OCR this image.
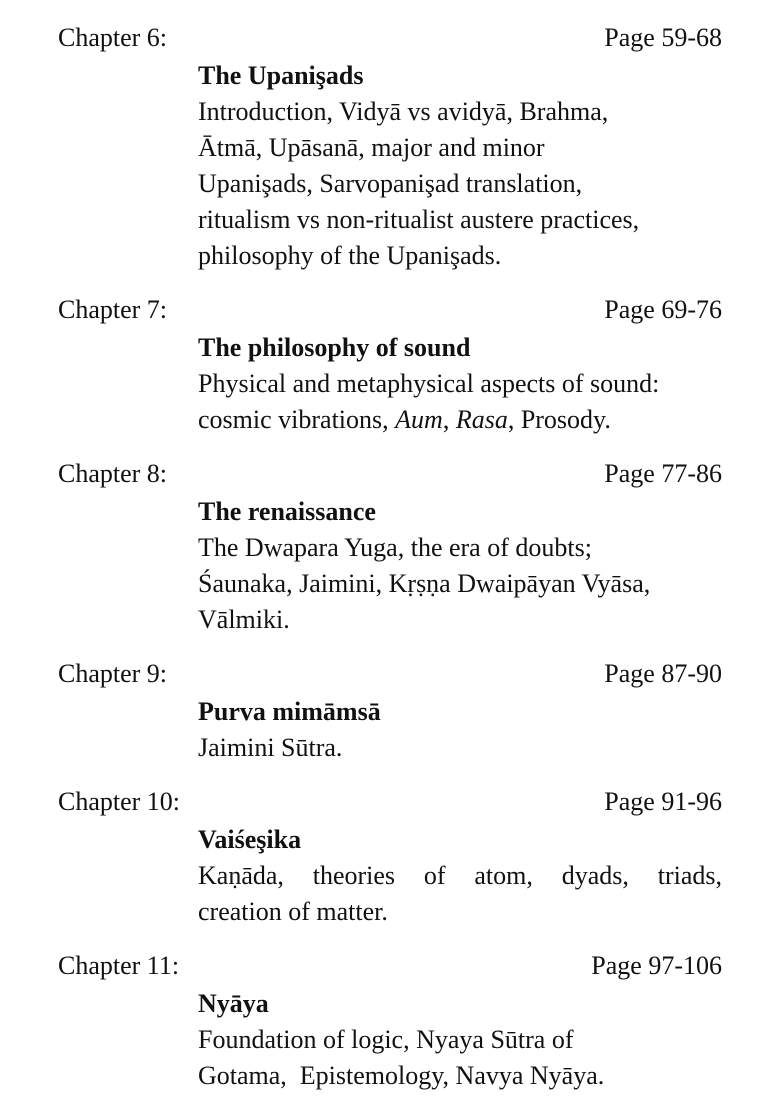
Chapter 6:	Page 59-68
The Upanişads
Introduction, Vidyā vs avidyā, Brahma,
Ātmā, Upāsanā, major and minor
Upanişads, Sarvopanişad translation,
ritualism vs non-ritualist austere practices,
philosophy of the Upanişads.
Chapter 7:	Page 69-76
The philosophy of sound
Physical and metaphysical aspects of sound:
cosmic vibrations, Aum, Rasa, Prosody.
Chapter 8:	Page 77-86
The renaissance
The Dwapara Yuga, the era of doubts;
Śaunaka, Jaimini, Kṛṣṇa Dwaipāyan Vyāsa,
Vālmiki.
Chapter 9:	Page 87-90
Purva mimāmsā
Jaimini Sūtra.
Chapter 10:	Page 91-96
Vaiśeşika
Kaṇāda, theories of atom, dyads, triads,
creation of matter.
Chapter 11:	Page 97-106
Nyāya
Foundation of logic, Nyaya Sūtra of
Gotama,  Epistemology, Navya Nyāya.
